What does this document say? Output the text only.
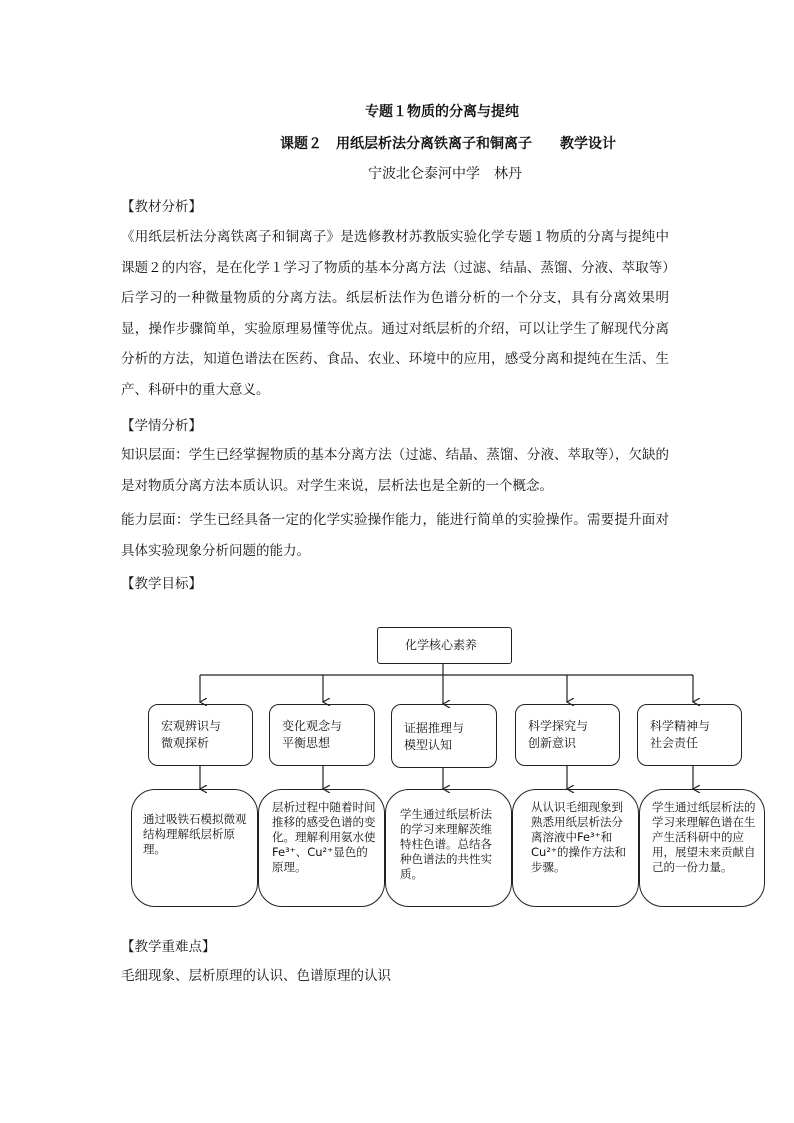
专题１物质的分离与提纯
课题２　用纸层析法分离铁离子和铜离子　　教学设计
宁波北仑泰河中学　林丹
【教材分析】
《用纸层析法分离铁离子和铜离子》是选修教材苏教版实验化学专题１物质的分离与提纯中课题２的内容，是在化学１学习了物质的基本分离方法（过滤、结晶、蒸馏、分液、萃取等）后学习的一种微量物质的分离方法。纸层析法作为色谱分析的一个分支，具有分离效果明显，操作步骤简单，实验原理易懂等优点。通过对纸层析的介绍，可以让学生了解现代分离分析的方法，知道色谱法在医药、食品、农业、环境中的应用，感受分离和提纯在生活、生产、科研中的重大意义。
【学情分析】
知识层面：学生已经掌握物质的基本分离方法（过滤、结晶、蒸馏、分液、萃取等），欠缺的是对物质分离方法本质认识。对学生来说，层析法也是全新的一个概念。
能力层面：学生已经具备一定的化学实验操作能力，能进行简单的实验操作。需要提升面对具体实验现象分析问题的能力。
【教学目标】
化学核心素养
宏观辨识与
微观探析
变化观念与
平衡思想
证据推理与
模型认知
科学探究与
创新意识
科学精神与
社会责任
通过吸铁石模拟微观结构理解纸层析原理。
层析过程中随着时间推移的感受色谱的变化。理解利用氨水使Fe³⁺、Cu²⁺显色的原理。
学生通过纸层析法的学习来理解茨维特柱色谱。总结各种色谱法的共性实质。
从认识毛细现象到熟悉用纸层析法分离溶液中Fe³⁺和Cu²⁺的操作方法和步骤。
学生通过纸层析法的学习来理解色谱在生产生活科研中的应用，展望未来贡献自己的一份力量。
【教学重难点】
毛细现象、层析原理的认识、色谱原理的认识
